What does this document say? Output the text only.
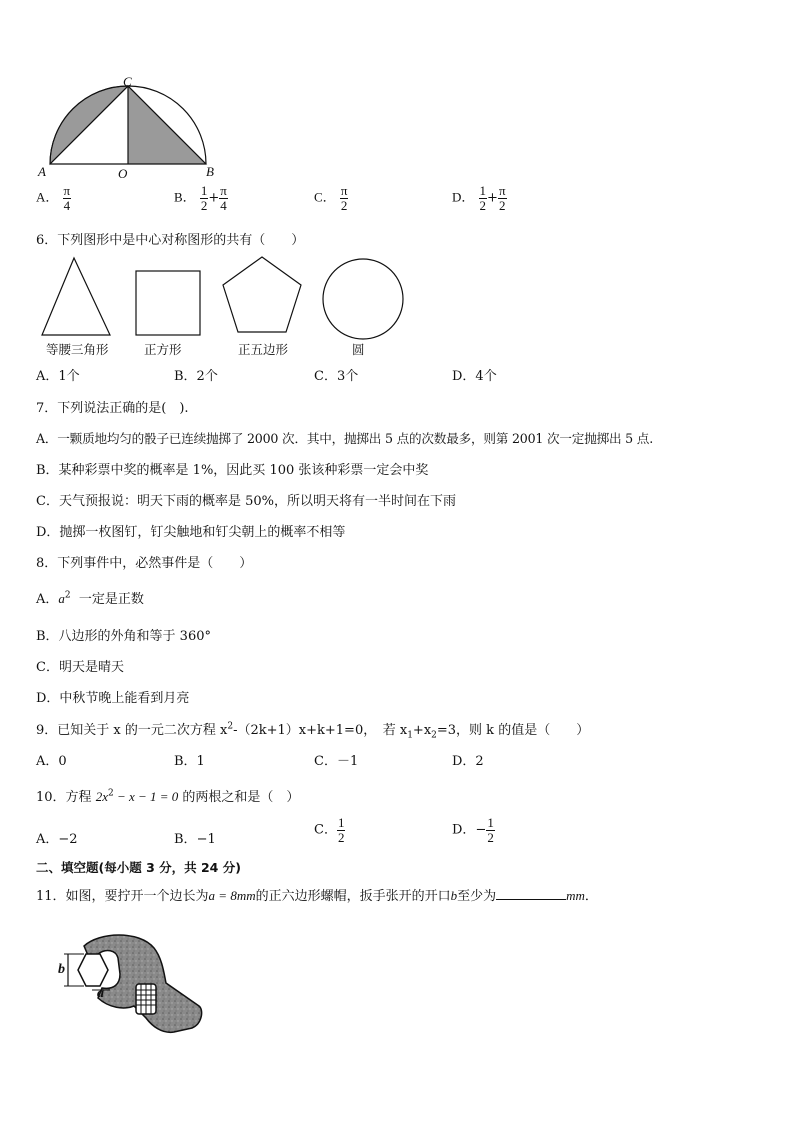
C
A	O	B
A． $\frac{\pi}{4}$	B． $\frac{1}{2} + \frac{\pi}{4}$	C． $\frac{\pi}{2}$	D． $\frac{1}{2} + \frac{\pi}{2}$
6．下列图形中是中心对称图形的共有（　　）
等腰三角形	正方形	正五边形	圆
A．1个	B．2个	C．3个	D．4个
7．下列说法正确的是(　).
A．一颗质地均匀的骰子已连续抛掷了 2000 次．其中，抛掷出 5 点的次数最多，则第 2001 次一定抛掷出 5 点.
B．某种彩票中奖的概率是 1%，因此买 100 张该种彩票一定会中奖
C．天气预报说：明天下雨的概率是 50%，所以明天将有一半时间在下雨
D．抛掷一枚图钉，钉尖触地和钉尖朝上的概率不相等
8．下列事件中，必然事件是（　　）
A．$a^2$ 一定是正数
B．八边形的外角和等于 360°
C．明天是晴天
D．中秋节晚上能看到月亮
9．已知关于 x 的一元二次方程 $x^2-(2k+1)x+k+1=0$，　若 $x_1+x_2=3$，则 k 的值是（　　）
A．0	B．1	C．－1	D．2
10．方程 $2x^2 - x - 1 = 0$ 的两根之和是（　）
A．−2	B．−1
C． $\frac{1}{2}$	D．− $\frac{1}{2}$
二、填空题(每小题 3 分，共 24 分)
11．如图，要拧开一个边长为a = 8mm的正六边形螺帽，扳手张开的开口b至少为	mm．
b
a
